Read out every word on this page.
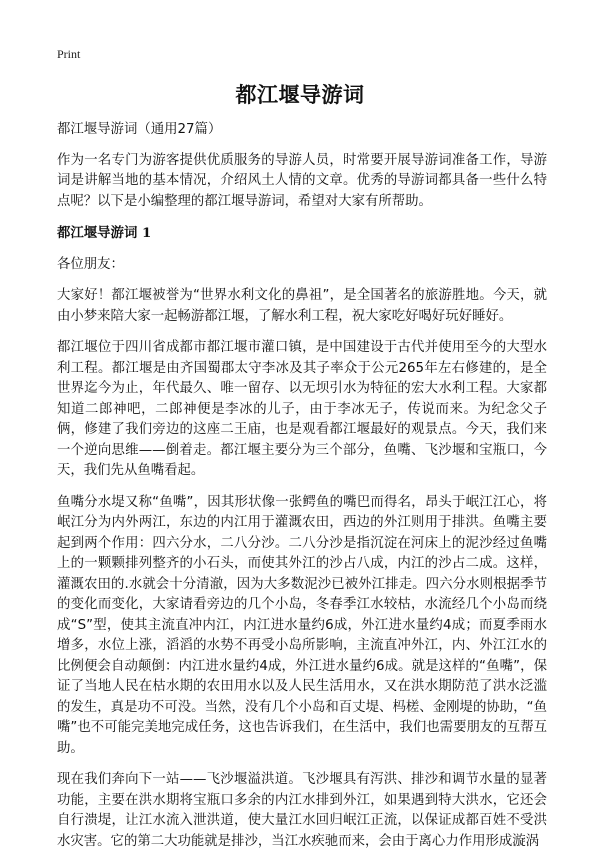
Print
都江堰导游词

都江堰导游词（通用27篇）

作为一名专门为游客提供优质服务的导游人员，时常要开展导游词准备工作，导游词是讲解当地的基本情况，介绍风土人情的文章。优秀的导游词都具备一些什么特点呢？以下是小编整理的都江堰导游词，希望对大家有所帮助。

都江堰导游词 1

各位朋友：

大家好！都江堰被誉为“世界水利文化的鼻祖”，是全国著名的旅游胜地。今天，就由小梦来陪大家一起畅游都江堰，了解水利工程，祝大家吃好喝好玩好睡好。

都江堰位于四川省成都市都江堰市灌口镇，是中国建设于古代并使用至今的大型水利工程。都江堰是由齐国蜀郡太守李冰及其子率众于公元265年左右修建的，是全世界迄今为止，年代最久、唯一留存、以无坝引水为特征的宏大水利工程。大家都知道二郎神吧，二郎神便是李冰的儿子，由于李冰无子，传说而来。为纪念父子俩，修建了我们旁边的这座二王庙，也是观看都江堰最好的观景点。今天，我们来一个逆向思维——倒着走。都江堰主要分为三个部分，鱼嘴、飞沙堰和宝瓶口，今天，我们先从鱼嘴看起。

鱼嘴分水堤又称“鱼嘴”，因其形状像一张鳄鱼的嘴巴而得名，昂头于岷江江心，将岷江分为内外两江，东边的内江用于灌溉农田，西边的外江则用于排洪。鱼嘴主要起到两个作用：四六分水，二八分沙。二八分沙是指沉淀在河床上的泥沙经过鱼嘴上的一颗颗排列整齐的小石头，而使其外江的沙占八成，内江的沙占二成。这样，灌溉农田的.水就会十分清澈，因为大多数泥沙已被外江排走。四六分水则根据季节的变化而变化，大家请看旁边的几个小岛，冬春季江水较枯，水流经几个小岛而绕成“S”型，使其主流直冲内江，内江进水量约6成，外江进水量约4成；而夏季雨水增多，水位上涨，滔滔的水势不再受小岛所影响，主流直冲外江，内、外江江水的比例便会自动颠倒：内江进水量约4成，外江进水量约6成。就是这样的“鱼嘴”，保证了当地人民在枯水期的农田用水以及人民生活用水，又在洪水期防范了洪水泛滥的发生，真是功不可没。当然，没有几个小岛和百丈堤、杩槎、金刚堤的协助，“鱼嘴”也不可能完美地完成任务，这也告诉我们，在生活中，我们也需要朋友的互帮互助。

现在我们奔向下一站——飞沙堰溢洪道。飞沙堰具有泻洪、排沙和调节水量的显著功能，主要在洪水期将宝瓶口多余的内江水排到外江，如果遇到特大洪水，它还会自行溃堤，让江水流入泄洪道，使大量江水回归岷江正流，以保证成都百姓不受洪水灾害。它的第二大功能就是排沙，当江水疾驰而来，会由于离心力作用形成漩涡
